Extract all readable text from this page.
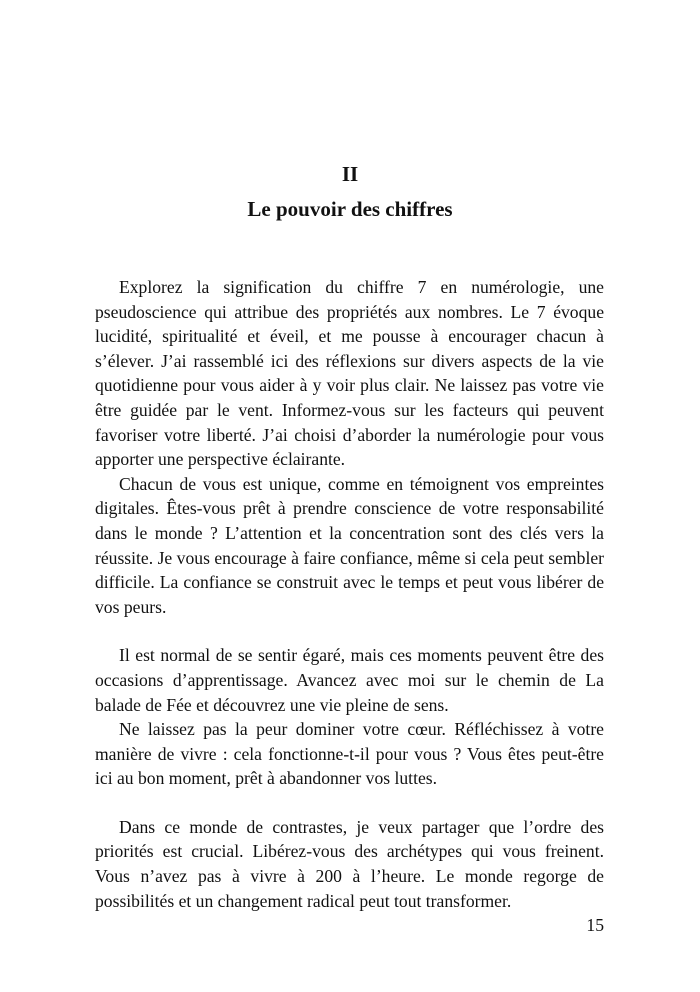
II
Le pouvoir des chiffres

Explorez la signification du chiffre 7 en numérologie, une pseudoscience qui attribue des propriétés aux nombres. Le 7 évoque lucidité, spiritualité et éveil, et me pousse à encourager chacun à s’élever. J’ai rassemblé ici des réflexions sur divers aspects de la vie quotidienne pour vous aider à y voir plus clair. Ne laissez pas votre vie être guidée par le vent. Informez-vous sur les facteurs qui peuvent favoriser votre liberté. J’ai choisi d’aborder la numérologie pour vous apporter une perspective éclairante.

Chacun de vous est unique, comme en témoignent vos empreintes digitales. Êtes-vous prêt à prendre conscience de votre responsabilité dans le monde ? L’attention et la concentration sont des clés vers la réussite. Je vous encourage à faire confiance, même si cela peut sembler difficile. La confiance se construit avec le temps et peut vous libérer de vos peurs.

Il est normal de se sentir égaré, mais ces moments peuvent être des occasions d’apprentissage. Avancez avec moi sur le chemin de La balade de Fée et découvrez une vie pleine de sens.

Ne laissez pas la peur dominer votre cœur. Réfléchissez à votre manière de vivre : cela fonctionne-t-il pour vous ? Vous êtes peut-être ici au bon moment, prêt à abandonner vos luttes.

Dans ce monde de contrastes, je veux partager que l’ordre des priorités est crucial. Libérez-vous des archétypes qui vous freinent. Vous n’avez pas à vivre à 200 à l’heure. Le monde regorge de possibilités et un changement radical peut tout transformer.

15
